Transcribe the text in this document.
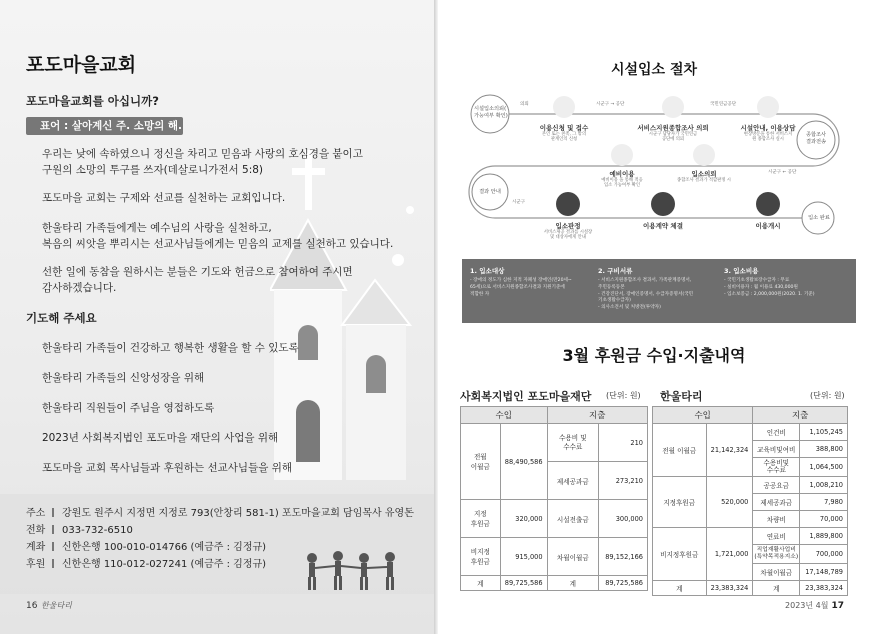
포도마을교회
포도마을교회를 아십니까?
표어 : 살아계신 주. 소망의 해.
우리는 낮에 속하였으니 정신을 차리고 믿음과 사랑의 호심경을 붙이고
구원의 소망의 투구를 쓰자(데살로니가전서 5:8)
포도마을 교회는 구제와 선교를 실천하는 교회입니다.
한울타리 가족들에게는 예수님의 사랑을 실천하고,
복음의 씨앗을 뿌리시는 선교사님들에게는 믿음의 교제를 실천하고 있습니다.
선한 일에 동참을 원하시는 분들은 기도와 헌금으로 참여하여 주시면
감사하겠습니다.
기도해 주세요
한울타리 가족들이 건강하고 행복한 생활을 할 수 있도록
한울타리 가족들의 신앙성장을 위해
한울타리 직원들이 주님을 영접하도록
2023년 사회복지법인 포도마을 재단의 사업을 위해
포도마을 교회 목사님들과 후원하는 선교사님들을 위해
주소 강원도 원주시 지정면 지정로 793(안창리 581-1) 포도마을교회 담임목사 유영돈
전화 033-732-6510
계좌 신한은행 100-010-014766 (예금주 : 김정규)
후원 신한은행 110-012-027241 (예금주 : 김정규)
16 한울타리
시설입소 절차
시설입소의뢰(
가능여부 확인)
종합조사
결과전송
결과 안내
입소 완료
의뢰
이용신청 및 접수
본인 또는 친족, 그 밖의
관계인의 신청
시군구 → 공단
서비스지원종합조사 의뢰
시군구 담당자가 국민연금
공단에 의뢰
국민연금공단
시설안내, 이용상담
현장방문을 통한 서비스지
원 종합조사 실시
시군구 ← 공단
예비이용
예비이용 을 통해 적응
입소 가능여부 확인
입소의뢰
종합조사 결과가 적합판정 시
시군구
입소판정
서비스제공 결과를 시설장
및 대상자에게 안내
이용계약 체결	이용개시
1. 입소대상
- 장애의 정도가 심한 지적 자폐성 장애인(만20세~
65세)으로 서비스지원종합조사결과 지원기준에
적합한 자
2. 구비서류
- 서비스지원종합조사 결과서, 가족관계증명서,
주민등록등본
- 건강진단서, 장애인증명서, 수급자증명서(국민
기초생활수급자)
- 의사소견서 및 처방전(투약자)
3. 입소비용
- 국민기초생활보장수급자 : 무료
- 실비이용자 : 월 이용료 430,000원
- 입소보증금 : 2,000,000원(2020. 1. 기준)
3월 후원금 수입·지출내역
사회복지법인 포도마을재단 (단위: 원) 한울타리	(단위: 원)
수입		지출	
전월
이월금	88,490,586	수용비 및
수수료	210
		제세공과금	273,210
지정
후원금	320,000	시설전출금	300,000
비지정
후원금	915,000	차월이월금	89,152,166
계	89,725,586	계	89,725,586
수입		지출	
전월 이월금	21,142,324	인건비	1,105,245
		교육비및여비	388,800
		수용비및
수수료	1,064,500
지정후원금	520,000	공공요금	1,008,210
		제세공과금	7,980
		차량비	70,000
비지정후원금	1,721,000	연료비	1,889,800
		직업재활사업비
(특약목적용지소)	700,000
		차월이월금	17,148,789
계	23,383,324	계	23,383,324
2023년 4월 17
